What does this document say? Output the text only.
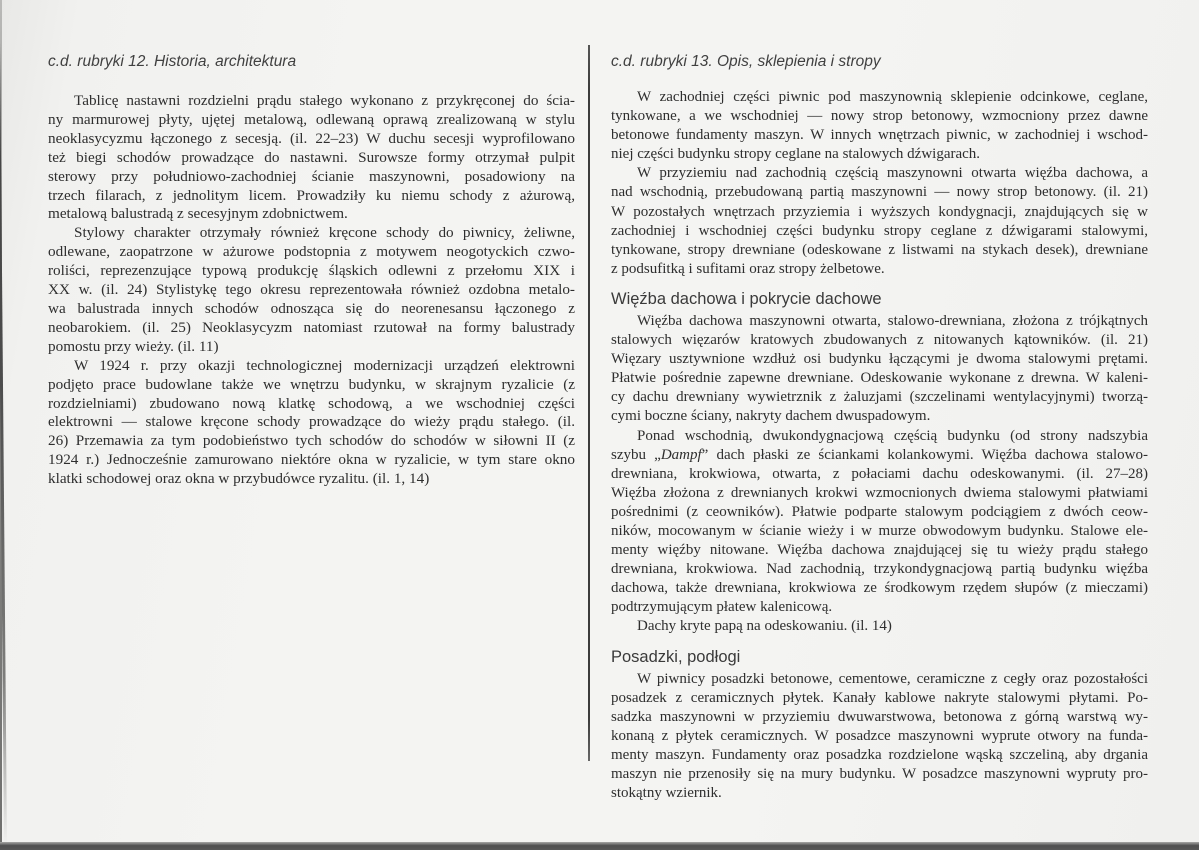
c.d. rubryki 12. Historia, architektura
Tablicę nastawni rozdzielni prądu stałego wykonano z przykręconej do ścia-
ny marmurowej płyty, ujętej metalową, odlewaną oprawą zrealizowaną w stylu
neoklasycyzmu łączonego z secesją. (il. 22–23) W duchu secesji wyprofilowano
też biegi schodów prowadzące do nastawni. Surowsze formy otrzymał pulpit
sterowy przy południowo-zachodniej ścianie maszynowni, posadowiony na
trzech filarach, z jednolitym licem. Prowadziły ku niemu schody z ażurową,
metalową balustradą z secesyjnym zdobnictwem.
Stylowy charakter otrzymały również kręcone schody do piwnicy, żeliwne,
odlewane, zaopatrzone w ażurowe podstopnia z motywem neogotyckich czwo-
roliści, reprezenzujące typową produkcję śląskich odlewni z przełomu XIX i
XX w. (il. 24) Stylistykę tego okresu reprezentowała również ozdobna metalo-
wa balustrada innych schodów odnosząca się do neorenesansu łączonego z
neobarokiem. (il. 25) Neoklasycyzm natomiast rzutował na formy balustrady
pomostu przy wieży. (il. 11)
W 1924 r. przy okazji technologicznej modernizacji urządzeń elektrowni
podjęto prace budowlane także we wnętrzu budynku, w skrajnym ryzalicie (z
rozdzielniami) zbudowano nową klatkę schodową, a we wschodniej części
elektrowni — stalowe kręcone schody prowadzące do wieży prądu stałego. (il.
26) Przemawia za tym podobieństwo tych schodów do schodów w siłowni II (z
1924 r.) Jednocześnie zamurowano niektóre okna w ryzalicie, w tym stare okno
klatki schodowej oraz okna w przybudówce ryzalitu. (il. 1, 14)
c.d. rubryki 13. Opis, sklepienia i stropy
W zachodniej części piwnic pod maszynownią sklepienie odcinkowe, ceglane,
tynkowane, a we wschodniej — nowy strop betonowy, wzmocniony przez dawne
betonowe fundamenty maszyn. W innych wnętrzach piwnic, w zachodniej i wschod-
niej części budynku stropy ceglane na stalowych dźwigarach.
W przyziemiu nad zachodnią częścią maszynowni otwarta więźba dachowa, a
nad wschodnią, przebudowaną partią maszynowni — nowy strop betonowy. (il. 21)
W pozostałych wnętrzach przyziemia i wyższych kondygnacji, znajdujących się w
zachodniej i wschodniej części budynku stropy ceglane z dźwigarami stalowymi,
tynkowane, stropy drewniane (odeskowane z listwami na stykach desek), drewniane
z podsufitką i sufitami oraz stropy żelbetowe.
Więźba dachowa i pokrycie dachowe
Więźba dachowa maszynowni otwarta, stalowo-drewniana, złożona z trójkątnych
stalowych więzarów kratowych zbudowanych z nitowanych kątowników. (il. 21)
Więzary usztywnione wzdłuż osi budynku łączącymi je dwoma stalowymi prętami.
Płatwie pośrednie zapewne drewniane. Odeskowanie wykonane z drewna. W kaleni-
cy dachu drewniany wywietrznik z żaluzjami (szczelinami wentylacyjnymi) tworzą-
cymi boczne ściany, nakryty dachem dwuspadowym.
Ponad wschodnią, dwukondygnacjową częścią budynku (od strony nadszybia
szybu „Dampf” dach płaski ze ściankami kolankowymi. Więźba dachowa stalowo-
drewniana, krokwiowa, otwarta, z połaciami dachu odeskowanymi. (il. 27–28)
Więźba złożona z drewnianych krokwi wzmocnionych dwiema stalowymi płatwiami
pośrednimi (z ceowników). Płatwie podparte stalowym podciągiem z dwóch ceow-
ników, mocowanym w ścianie wieży i w murze obwodowym budynku. Stalowe ele-
menty więźby nitowane. Więźba dachowa znajdującej się tu wieży prądu stałego
drewniana, krokwiowa. Nad zachodnią, trzykondygnacjową partią budynku więźba
dachowa, także drewniana, krokwiowa ze środkowym rzędem słupów (z mieczami)
podtrzymującym płatew kalenicową.
Dachy kryte papą na odeskowaniu. (il. 14)
Posadzki, podłogi
W piwnicy posadzki betonowe, cementowe, ceramiczne z cegły oraz pozostałości
posadzek z ceramicznych płytek. Kanały kablowe nakryte stalowymi płytami. Po-
sadzka maszynowni w przyziemiu dwuwarstwowa, betonowa z górną warstwą wy-
konaną z płytek ceramicznych. W posadzce maszynowni wyprute otwory na funda-
menty maszyn. Fundamenty oraz posadzka rozdzielone wąską szczeliną, aby drgania
maszyn nie przenosiły się na mury budynku. W posadzce maszynowni wypruty pro-
stokątny wziernik.
